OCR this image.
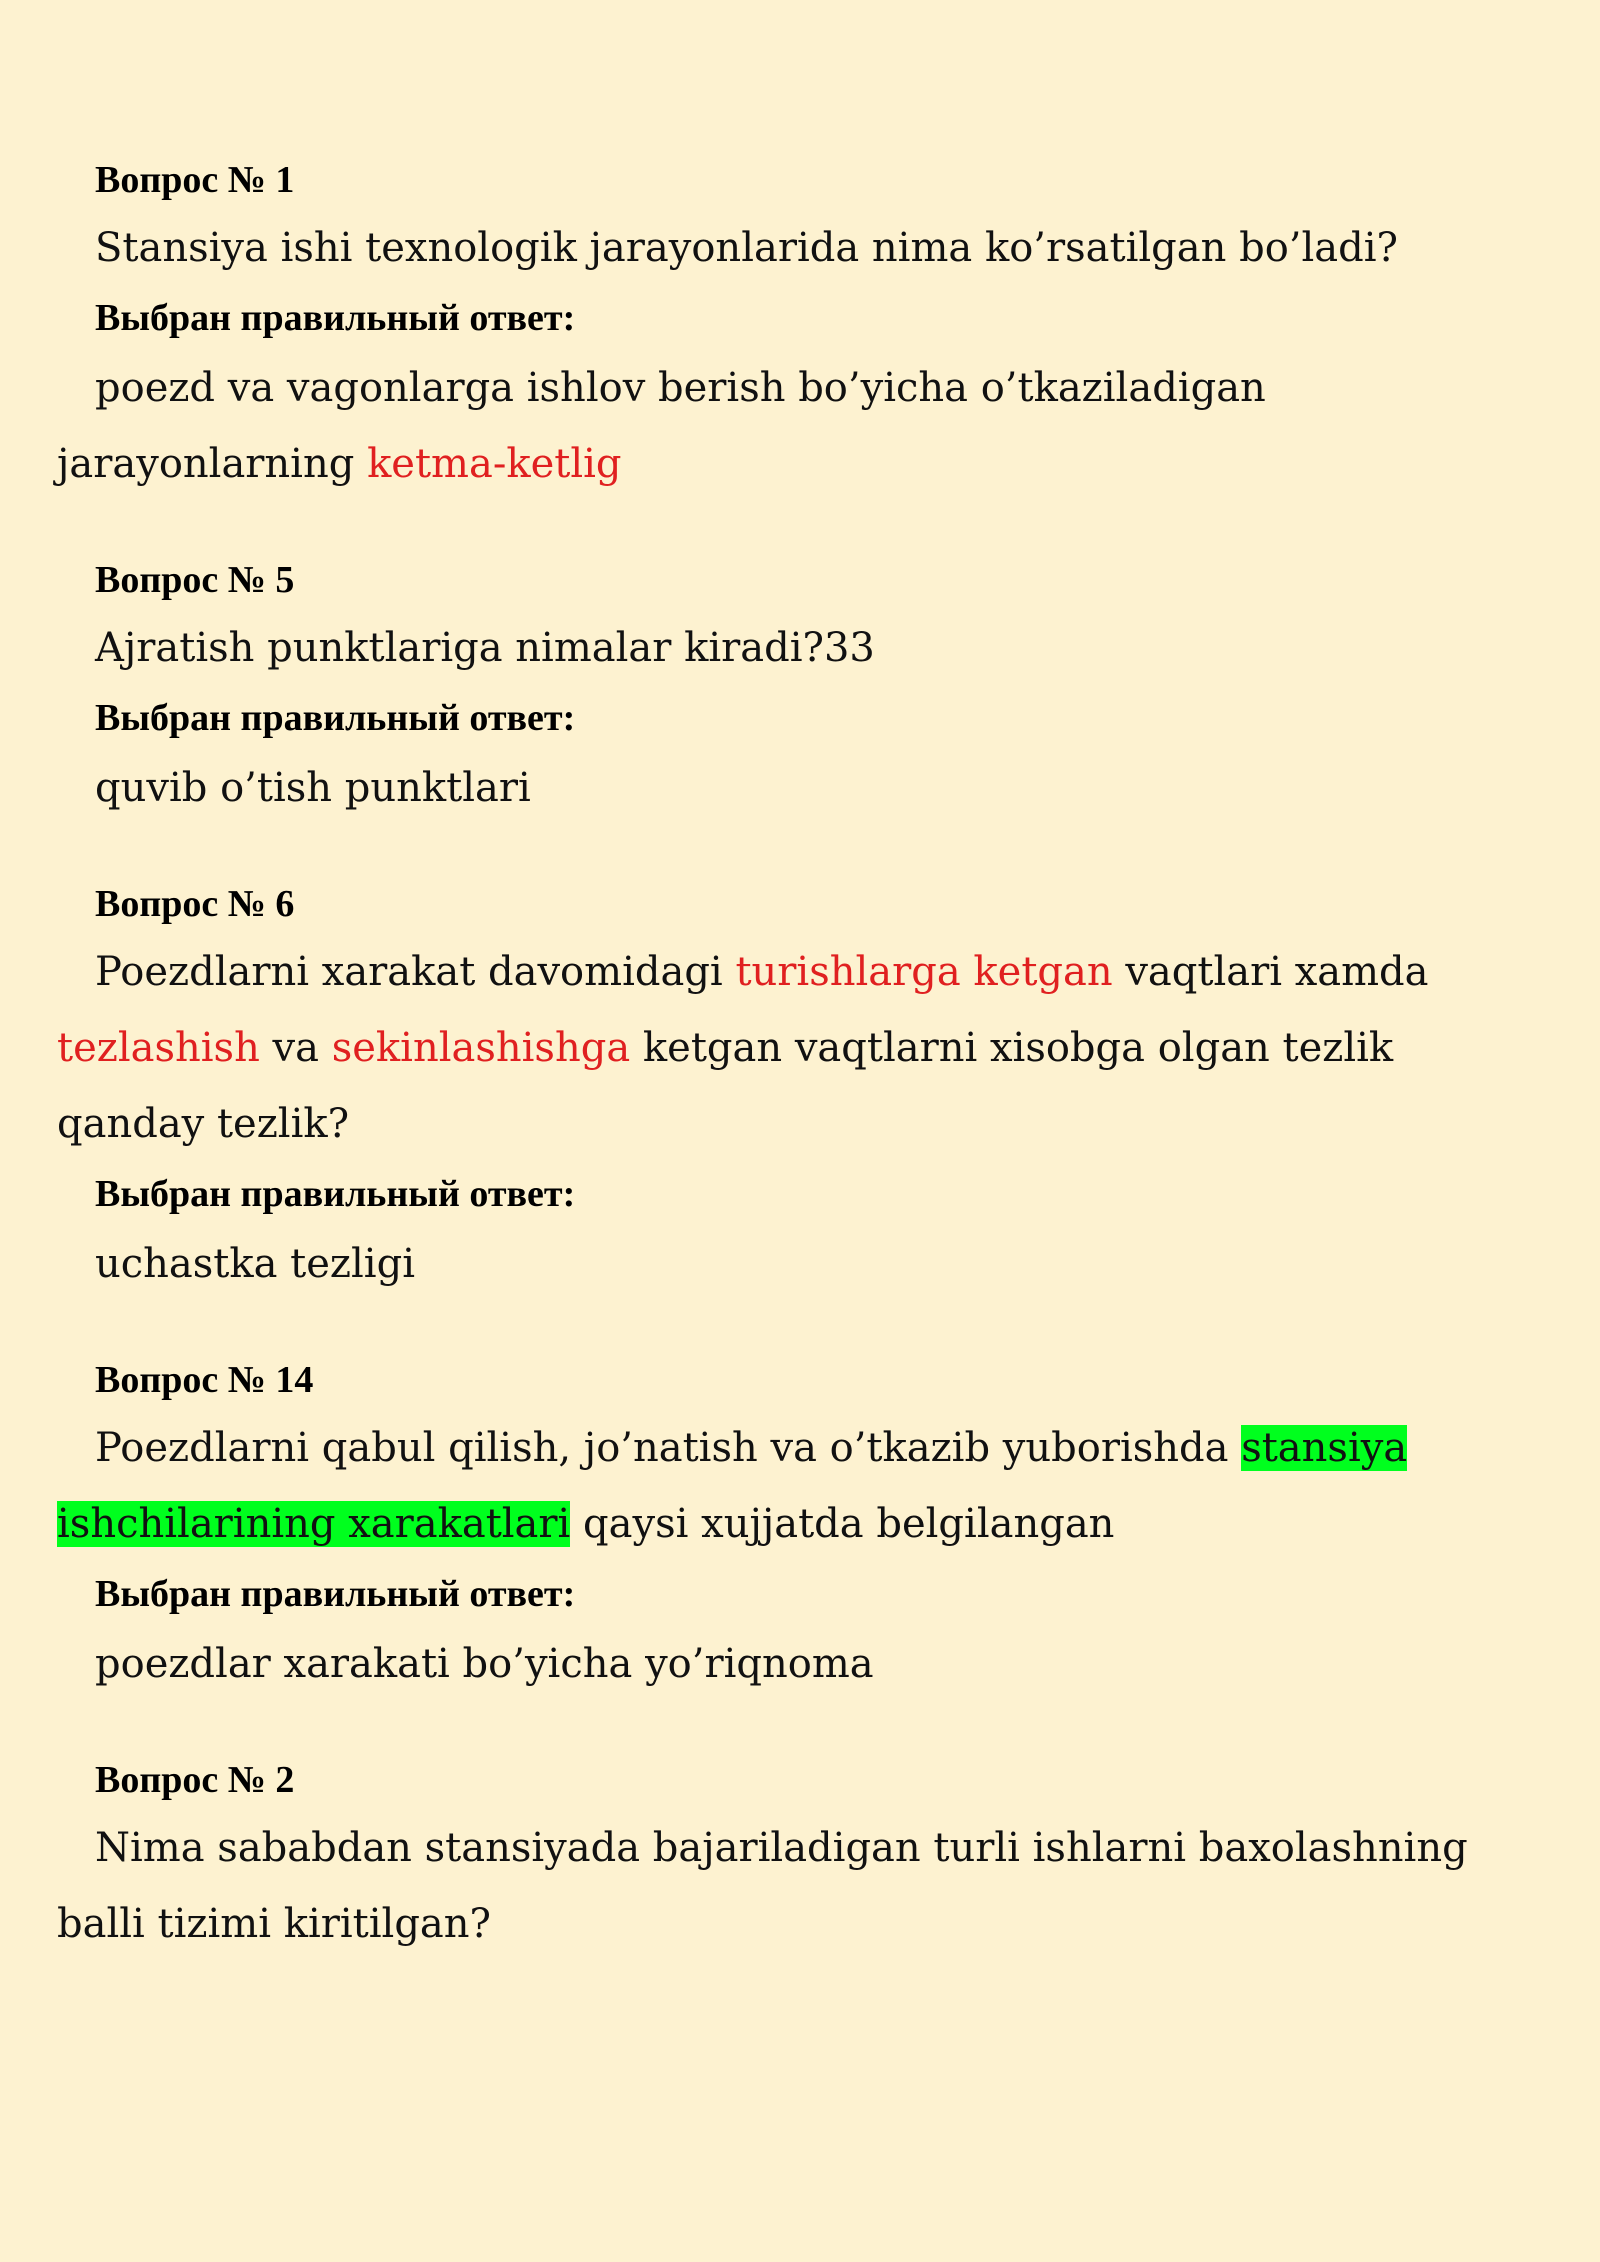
Вопрос № 1

Stansiya ishi texnologik jarayonlarida nima ko’rsatilgan bo’ladi?

Выбран правильный ответ:

poezd va vagonlarga ishlov berish bo’yicha o’tkaziladigan jarayonlarning ketma-ketlig

Вопрос № 5

Ajratish punktlariga nimalar kiradi?33

Выбран правильный ответ:

quvib o’tish punktlari

Вопрос № 6

Poezdlarni xarakat davomidagi turishlarga ketgan vaqtlari xamda tezlashish va sekinlashishga ketgan vaqtlarni xisobga olgan tezlik qanday tezlik?

Выбран правильный ответ:

uchastka tezligi

Вопрос № 14

Poezdlarni qabul qilish, jo’natish va o’tkazib yuborishda stansiya ishchilarining xarakatlari qaysi xujjatda belgilangan

Выбран правильный ответ:

poezdlar xarakati bo’yicha yo’riqnoma

Вопрос № 2

Nima sababdan stansiyada bajariladigan turli ishlarni baxolashning balli tizimi kiritilgan?
